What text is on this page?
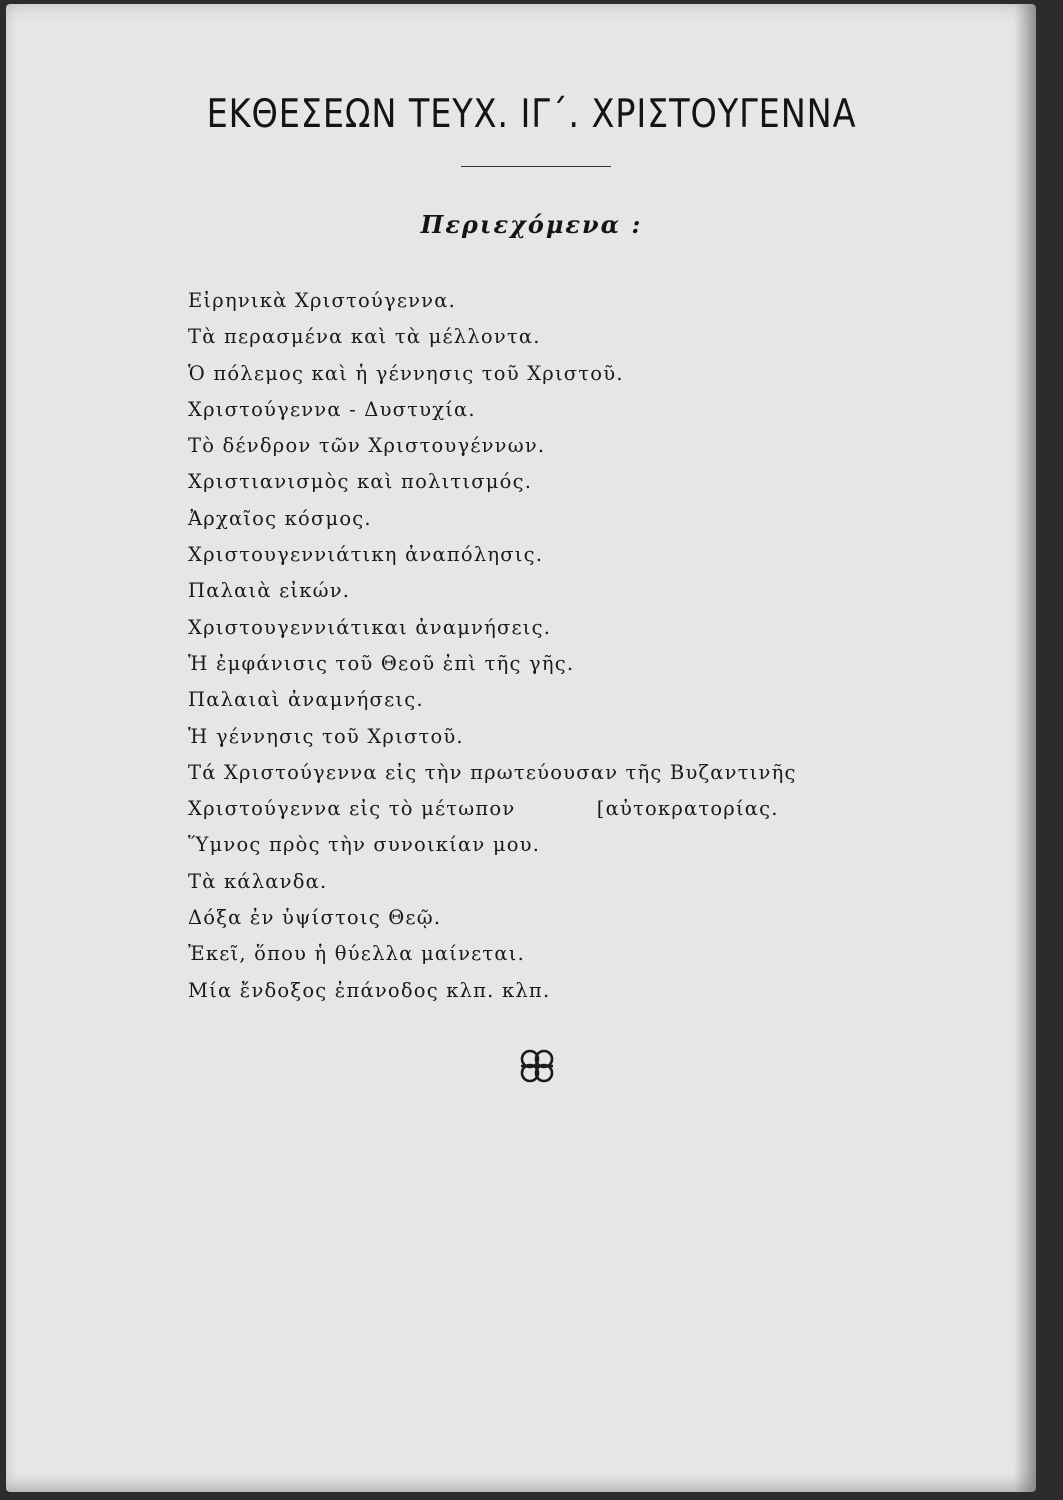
ΕΚΘΕΣΕΩΝ ΤΕΥΧ. ΙΓ΄. ΧΡΙΣΤΟΥΓΕΝΝΑ
Περιεχόμενα :
Εἰρηνικὰ Χριστούγεννα.
Τὰ περασμένα καὶ τὰ μέλλοντα.
Ὁ πόλεμος καὶ ἡ γέννησις τοῦ Χριστοῦ.
Χριστούγεννα - Δυστυχία.
Τὸ δένδρον τῶν Χριστουγέννων.
Χριστιανισμὸς καὶ πολιτισμός.
Ἀρχαῖος κόσμος.
Χριστουγεννιάτικη ἀναπόλησις.
Παλαιὰ εἰκών.
Χριστουγεννιάτικαι ἀναμνήσεις.
Ἡ ἐμφάνισις τοῦ Θεοῦ ἐπὶ τῆς γῆς.
Παλαιαὶ ἀναμνήσεις.
Ἡ γέννησις τοῦ Χριστοῦ.
Τά Χριστούγεννα εἰς τὴν πρωτεύουσαν τῆς Βυζαντινῆς
Χριστούγεννα εἰς τὸ μέτωπον           [αὐτοκρατορίας.
Ὕμνος πρὸς τὴν συνοικίαν μου.
Τὰ κάλανδα.
Δόξα ἐν ὑψίστοις Θεῷ.
Ἐκεῖ, ὅπου ἡ θύελλα μαίνεται.
Μία ἔνδοξος ἐπάνοδος κλπ. κλπ.
